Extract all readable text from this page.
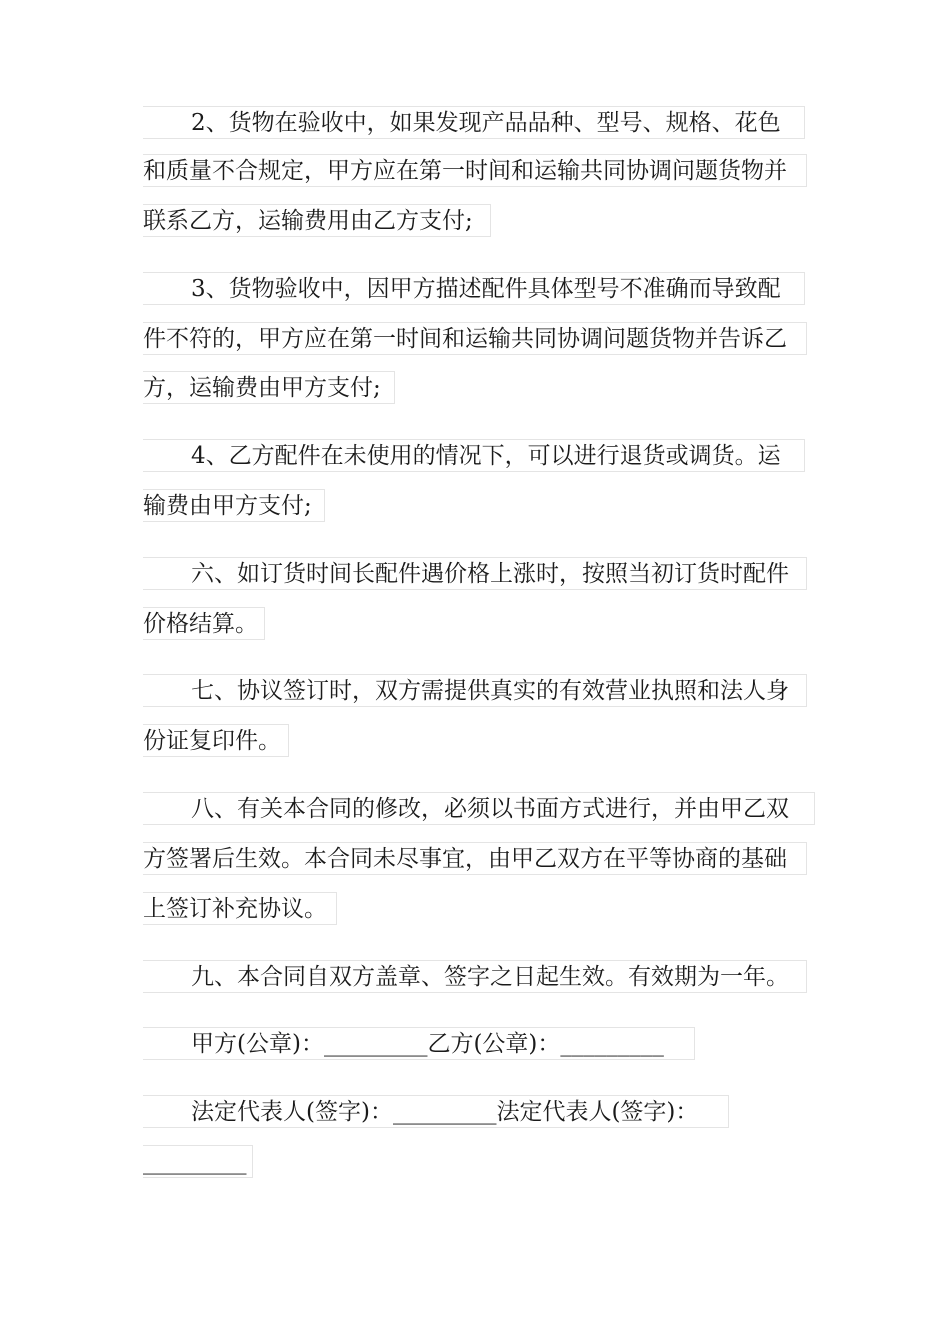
2、货物在验收中，如果发现产品品种、型号、规格、花色
和质量不合规定，甲方应在第一时间和运输共同协调问题货物并
联系乙方，运输费用由乙方支付;
3、货物验收中，因甲方描述配件具体型号不准确而导致配
件不符的，甲方应在第一时间和运输共同协调问题货物并告诉乙
方，运输费由甲方支付;
4、乙方配件在未使用的情况下，可以进行退货或调货。运
输费由甲方支付;
六、如订货时间长配件遇价格上涨时，按照当初订货时配件
价格结算。
七、协议签订时，双方需提供真实的有效营业执照和法人身
份证复印件。
八、有关本合同的修改，必须以书面方式进行，并由甲乙双
方签署后生效。本合同未尽事宜，由甲乙双方在平等协商的基础
上签订补充协议。
九、本合同自双方盖章、签字之日起生效。有效期为一年。
甲方(公章)：_________乙方(公章)：_________
法定代表人(签字)：_________法定代表人(签字)：
_________
